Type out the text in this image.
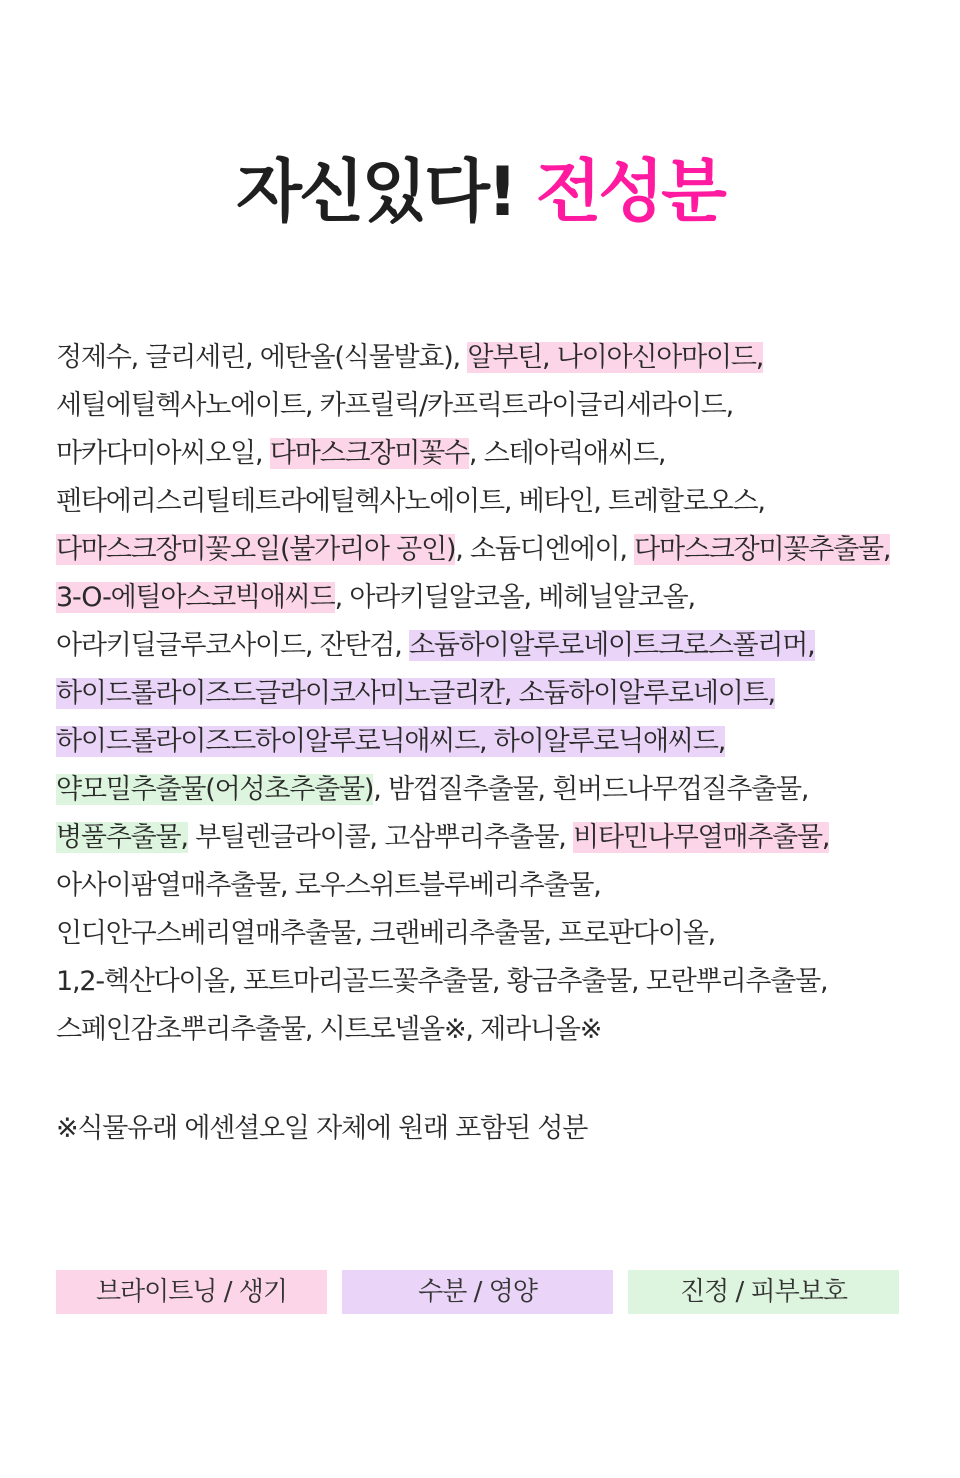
자신있다! 전성분
정제수, 글리세린, 에탄올(식물발효), 알부틴, 나이아신아마이드,
세틸에틸헥사노에이트, 카프릴릭/카프릭트라이글리세라이드,
마카다미아씨오일, 다마스크장미꽃수, 스테아릭애씨드,
펜타에리스리틸테트라에틸헥사노에이트, 베타인, 트레할로오스,
다마스크장미꽃오일(불가리아 공인), 소듐디엔에이, 다마스크장미꽃추출물,
3-O-에틸아스코빅애씨드, 아라키딜알코올, 베헤닐알코올,
아라키딜글루코사이드, 잔탄검, 소듐하이알루로네이트크로스폴리머,
하이드롤라이즈드글라이코사미노글리칸, 소듐하이알루로네이트,
하이드롤라이즈드하이알루로닉애씨드, 하이알루로닉애씨드,
약모밀추출물(어성초추출물), 밤껍질추출물, 흰버드나무껍질추출물,
병풀추출물, 부틸렌글라이콜, 고삼뿌리추출물, 비타민나무열매추출물,
아사이팜열매추출물, 로우스위트블루베리추출물,
인디안구스베리열매추출물, 크랜베리추출물, 프로판다이올,
1,2-헥산다이올, 포트마리골드꽃추출물, 황금추출물, 모란뿌리추출물,
스페인감초뿌리추출물, 시트로넬올※, 제라니올※
※식물유래 에센셜오일 자체에 원래 포함된 성분
브라이트닝 / 생기	수분 / 영양	진정 / 피부보호
